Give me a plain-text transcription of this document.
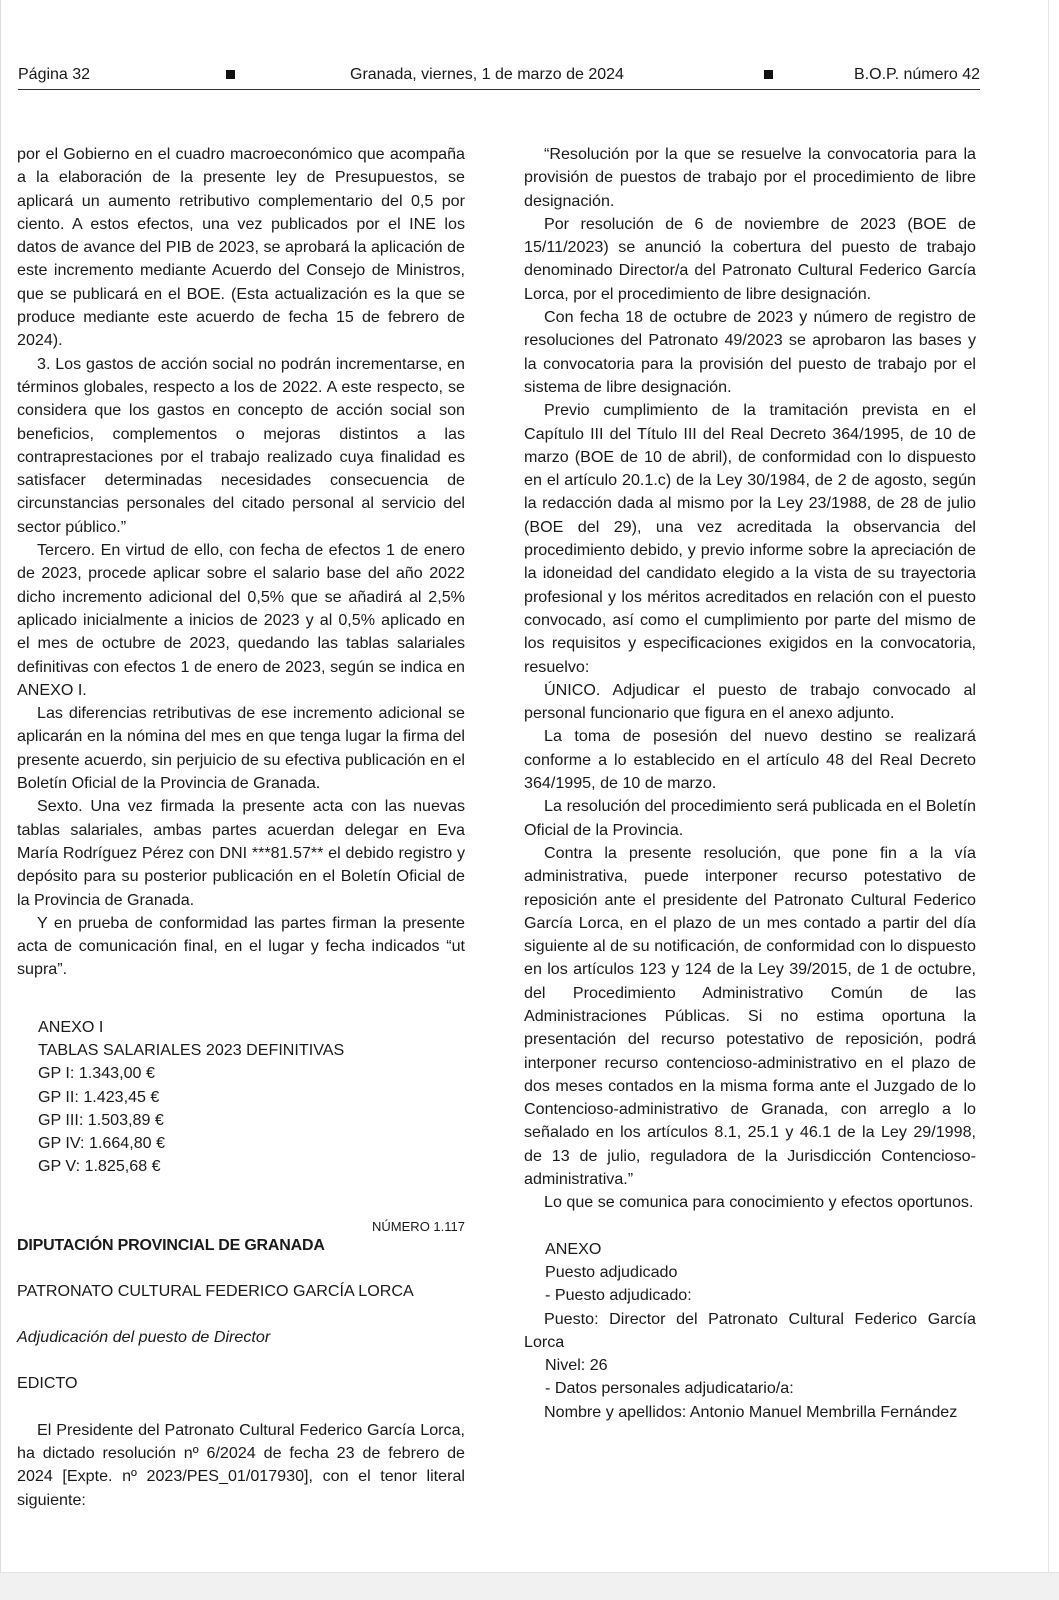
Página 32	Granada, viernes, 1 de marzo de 2024	B.O.P. número 42

por el Gobierno en el cuadro macroeconómico que acompaña a la elaboración de la presente ley de Presupuestos, se aplicará un aumento retributivo complementario del 0,5 por ciento. A estos efectos, una vez publicados por el INE los datos de avance del PIB de 2023, se aprobará la aplicación de este incremento mediante Acuerdo del Consejo de Ministros, que se publicará en el BOE. (Esta actualización es la que se produce mediante este acuerdo de fecha 15 de febrero de 2024).

3. Los gastos de acción social no podrán incrementarse, en términos globales, respecto a los de 2022. A este respecto, se considera que los gastos en concepto de acción social son beneficios, complementos o mejoras distintos a las contraprestaciones por el trabajo realizado cuya finalidad es satisfacer determinadas necesidades consecuencia de circunstancias personales del citado personal al servicio del sector público.”

Tercero. En virtud de ello, con fecha de efectos 1 de enero de 2023, procede aplicar sobre el salario base del año 2022 dicho incremento adicional del 0,5% que se añadirá al 2,5% aplicado inicialmente a inicios de 2023 y al 0,5% aplicado en el mes de octubre de 2023, quedando las tablas salariales definitivas con efectos 1 de enero de 2023, según se indica en ANEXO I.

Las diferencias retributivas de ese incremento adicional se aplicarán en la nómina del mes en que tenga lugar la firma del presente acuerdo, sin perjuicio de su efectiva publicación en el Boletín Oficial de la Provincia de Granada.

Sexto. Una vez firmada la presente acta con las nuevas tablas salariales, ambas partes acuerdan delegar en Eva María Rodríguez Pérez con DNI ***81.57** el debido registro y depósito para su posterior publicación en el Boletín Oficial de la Provincia de Granada.

Y en prueba de conformidad las partes firman la presente acta de comunicación final, en el lugar y fecha indicados “ut supra”.

ANEXO I
TABLAS SALARIALES 2023 DEFINITIVAS
GP I: 1.343,00 €
GP II: 1.423,45 €
GP III: 1.503,89 €
GP IV: 1.664,80 €
GP V: 1.825,68 €
NÚMERO 1.117
DIPUTACIÓN PROVINCIAL DE GRANADA
PATRONATO CULTURAL FEDERICO GARCÍA LORCA
Adjudicación del puesto de Director
EDICTO

El Presidente del Patronato Cultural Federico García Lorca, ha dictado resolución nº 6/2024 de fecha 23 de febrero de 2024 [Expte. nº 2023/PES_01/017930], con el tenor literal siguiente:

“Resolución por la que se resuelve la convocatoria para la provisión de puestos de trabajo por el procedimiento de libre designación.

Por resolución de 6 de noviembre de 2023 (BOE de 15/11/2023) se anunció la cobertura del puesto de trabajo denominado Director/a del Patronato Cultural Federico García Lorca, por el procedimiento de libre designación.

Con fecha 18 de octubre de 2023 y número de registro de resoluciones del Patronato 49/2023 se aprobaron las bases y la convocatoria para la provisión del puesto de trabajo por el sistema de libre designación.

Previo cumplimiento de la tramitación prevista en el Capítulo III del Título III del Real Decreto 364/1995, de 10 de marzo (BOE de 10 de abril), de conformidad con lo dispuesto en el artículo 20.1.c) de la Ley 30/1984, de 2 de agosto, según la redacción dada al mismo por la Ley 23/1988, de 28 de julio (BOE del 29), una vez acreditada la observancia del procedimiento debido, y previo informe sobre la apreciación de la idoneidad del candidato elegido a la vista de su trayectoria profesional y los méritos acreditados en relación con el puesto convocado, así como el cumplimiento por parte del mismo de los requisitos y especificaciones exigidos en la convocatoria, resuelvo:

ÚNICO. Adjudicar el puesto de trabajo convocado al personal funcionario que figura en el anexo adjunto.

La toma de posesión del nuevo destino se realizará conforme a lo establecido en el artículo 48 del Real Decreto 364/1995, de 10 de marzo.

La resolución del procedimiento será publicada en el Boletín Oficial de la Provincia.

Contra la presente resolución, que pone fin a la vía administrativa, puede interponer recurso potestativo de reposición ante el presidente del Patronato Cultural Federico García Lorca, en el plazo de un mes contado a partir del día siguiente al de su notificación, de conformidad con lo dispuesto en los artículos 123 y 124 de la Ley 39/2015, de 1 de octubre, del Procedimiento Administrativo Común de las Administraciones Públicas. Si no estima oportuna la presentación del recurso potestativo de reposición, podrá interponer recurso contencioso-administrativo en el plazo de dos meses contados en la misma forma ante el Juzgado de lo Contencioso-administrativo de Granada, con arreglo a lo señalado en los artículos 8.1, 25.1 y 46.1 de la Ley 29/1998, de 13 de julio, reguladora de la Jurisdicción Contencioso-administrativa.”

Lo que se comunica para conocimiento y efectos oportunos.

ANEXO
Puesto adjudicado
- Puesto adjudicado:

Puesto: Director del Patronato Cultural Federico García Lorca

Nivel: 26
- Datos personales adjudicatario/a:

Nombre y apellidos: Antonio Manuel Membrilla Fernández
